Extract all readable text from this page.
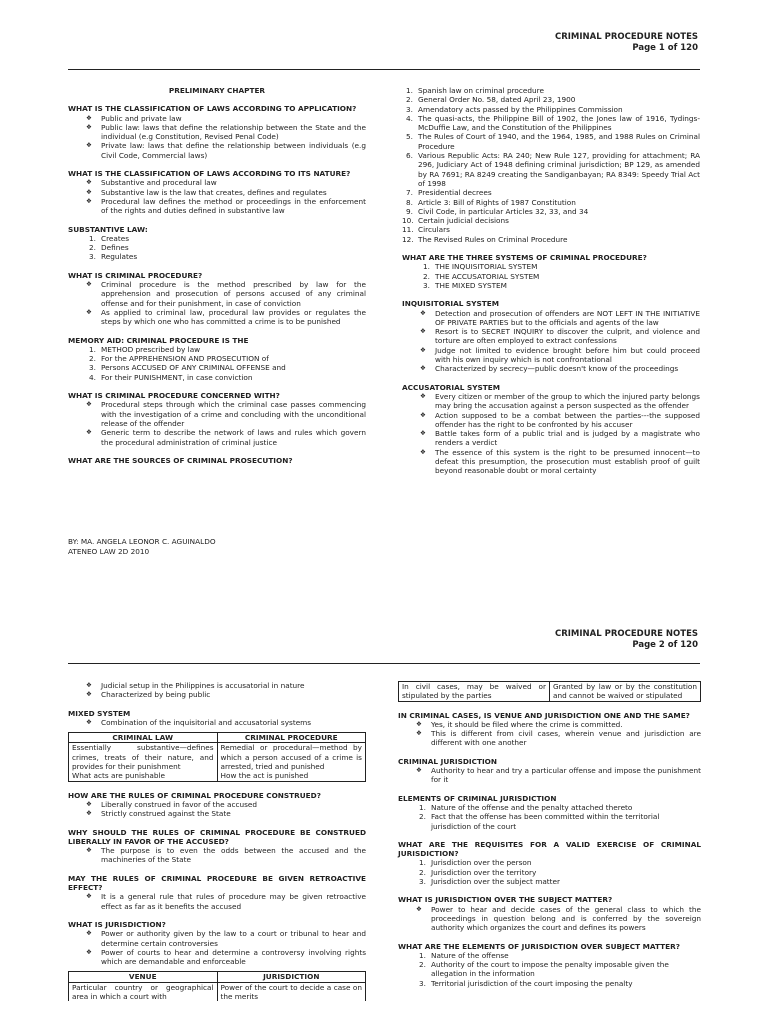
CRIMINAL PROCEDURE NOTES
Page 1 of 120
PRELIMINARY CHAPTER
WHAT IS THE CLASSIFICATION OF LAWS ACCORDING TO APPLICATION?
❖ Public and private law
❖ Public law: laws that define the relationship between the State and the individual (e.g Constitution, Revised Penal Code)
❖ Private law: laws that define the relationship between individuals (e.g Civil Code, Commercial laws)
WHAT IS THE CLASSIFICATION OF LAWS ACCORDING TO ITS NATURE?
❖ Substantive and procedural law
❖ Substantive law is the law that creates, defines and regulates
❖ Procedural law defines the method or proceedings in the enforcement of the rights and duties defined in substantive law
SUBSTANTIVE LAW:
1. Creates
2. Defines
3. Regulates
WHAT IS CRIMINAL PROCEDURE?
❖ Criminal procedure is the method prescribed by law for the apprehension and prosecution of persons accused of any criminal offense and for their punishment, in case of conviction
❖ As applied to criminal law, procedural law provides or regulates the steps by which one who has committed a crime is to be punished
MEMORY AID: CRIMINAL PROCEDURE IS THE
1. METHOD prescribed by law
2. For the APPREHENSION AND PROSECUTION of
3. Persons ACCUSED OF ANY CRIMINAL OFFENSE and
4. For their PUNISHMENT, in case conviction
WHAT IS CRIMINAL PROCEDURE CONCERNED WITH?
❖ Procedural steps through which the criminal case passes commencing with the investigation of a crime and concluding with the unconditional release of the offender
❖ Generic term to describe the network of laws and rules which govern the procedural administration of criminal justice
WHAT ARE THE SOURCES OF CRIMINAL PROSECUTION?
1. Spanish law on criminal procedure
2. General Order No. 58, dated April 23, 1900
3. Amendatory acts passed by the Philippines Commission
4. The quasi-acts, the Philippine Bill of 1902, the Jones law of 1916, Tydings-McDuffie Law, and the Constitution of the Philippines
5. The Rules of Court of 1940, and the 1964, 1985, and 1988 Rules on Criminal Procedure
6. Various Republic Acts: RA 240; New Rule 127, providing for attachment; RA 296, Judiciary Act of 1948 defining criminal jurisdiction; BP 129, as amended by RA 7691; RA 8249 creating the Sandiganbayan; RA 8349: Speedy Trial Act of 1998
7. Presidential decrees
8. Article 3: Bill of Rights of 1987 Constitution
9. Civil Code, in particular Articles 32, 33, and 34
10. Certain judicial decisions
11. Circulars
12. The Revised Rules on Criminal Procedure
WHAT ARE THE THREE SYSTEMS OF CRIMINAL PROCEDURE?
1. THE INQUISITORIAL SYSTEM
2. THE ACCUSATORIAL SYSTEM
3. THE MIXED SYSTEM
INQUISITORIAL SYSTEM
❖ Detection and prosecution of offenders are NOT LEFT IN THE INITIATIVE OF PRIVATE PARTIES but to the officials and agents of the law
❖ Resort is to SECRET INQUIRY to discover the culprit, and violence and torture are often employed to extract confessions
❖ Judge not limited to evidence brought before him but could proceed with his own inquiry which is not confrontational
❖ Characterized by secrecy—public doesn't know of the proceedings
ACCUSATORIAL SYSTEM
❖ Every citizen or member of the group to which the injured party belongs may bring the accusation against a person suspected as the offender
❖ Action supposed to be a combat between the parties---the supposed offender has the right to be confronted by his accuser
❖ Battle takes form of a public trial and is judged by a magistrate who renders a verdict
❖ The essence of this system is the right to be presumed innocent—to defeat this presumption, the prosecution must establish proof of guilt beyond reasonable doubt or moral certainty
BY: MA. ANGELA LEONOR C. AGUINALDO
ATENEO LAW 2D 2010
CRIMINAL PROCEDURE NOTES
Page 2 of 120
❖ Judicial setup in the Philippines is accusatorial in nature
❖ Characterized by being public
MIXED SYSTEM
❖ Combination of the inquisitorial and accusatorial systems
CRIMINAL LAW	CRIMINAL PROCEDURE
Essentially substantive—defines crimes, treats of their nature, and provides for their punishment	Remedial or procedural—method by which a person accused of a crime is arrested, tried and punished
What acts are punishable	How the act is punished
HOW ARE THE RULES OF CRIMINAL PROCEDURE CONSTRUED?
❖ Liberally construed in favor of the accused
❖ Strictly construed against the State
WHY SHOULD THE RULES OF CRIMINAL PROCEDURE BE CONSTRUED LIBERALLY IN FAVOR OF THE ACCUSED?
❖ The purpose is to even the odds between the accused and the machineries of the State
MAY THE RULES OF CRIMINAL PROCEDURE BE GIVEN RETROACTIVE EFFECT?
❖ It is a general rule that rules of procedure may be given retroactive effect as far as it benefits the accused
WHAT IS JURISDICTION?
❖ Power or authority given by the law to a court or tribunal to hear and determine certain controversies
❖ Power of courts to hear and determine a controversy involving rights which are demandable and enforceable
VENUE	JURISDICTION
Particular country or geographical area in which a court with	Power of the court to decide a case on the merits
In civil cases, may be waived or stipulated by the parties	Granted by law or by the constitution and cannot be waived or stipulated
IN CRIMINAL CASES, IS VENUE AND JURISDICTION ONE AND THE SAME?
❖ Yes, it should be filed where the crime is committed.
❖ This is different from civil cases, wherein venue and jurisdiction are different with one another
CRIMINAL JURISDICTION
❖ Authority to hear and try a particular offense and impose the punishment for it
ELEMENTS OF CRIMINAL JURISDICTION
1. Nature of the offense and the penalty attached thereto
2. Fact that the offense has been committed within the territorial jurisdiction of the court
WHAT ARE THE REQUISITES FOR A VALID EXERCISE OF CRIMINAL JURISDICTION?
1. Jurisdiction over the person
2. Jurisdiction over the territory
3. Jurisdiction over the subject matter
WHAT IS JURISDICTION OVER THE SUBJECT MATTER?
❖ Power to hear and decide cases of the general class to which the proceedings in question belong and is conferred by the sovereign authority which organizes the court and defines its powers
WHAT ARE THE ELEMENTS OF JURISDICTION OVER SUBJECT MATTER?
1. Nature of the offense
2. Authority of the court to impose the penalty imposable given the allegation in the information
3. Territorial jurisdiction of the court imposing the penalty
